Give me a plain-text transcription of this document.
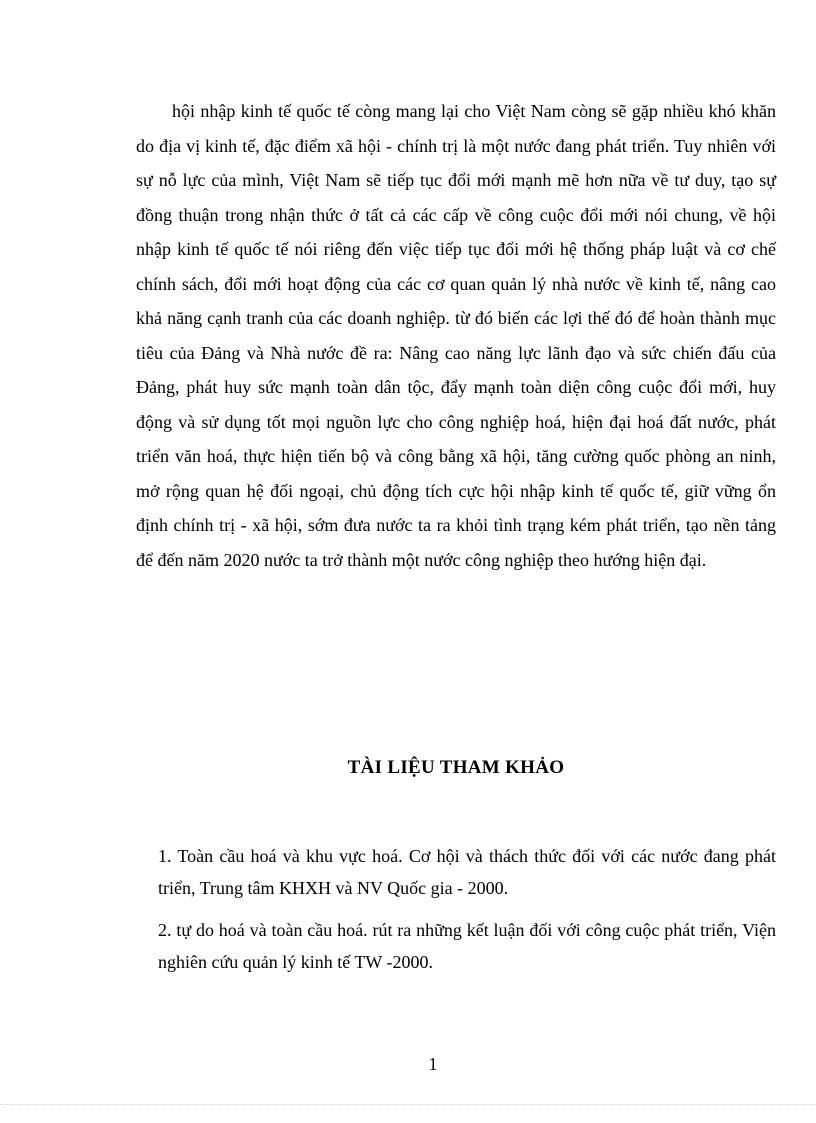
hội nhập kinh tế quốc tế còng mang lại cho Việt Nam còng sẽ gặp nhiều khó khăn do địa vị kinh tế, đặc điểm xã hội - chính trị là một nước đang phát triển. Tuy nhiên với sự nỗ lực của mình, Việt Nam sẽ tiếp tục đổi mới mạnh mẽ hơn nữa về tư duy, tạo sự đồng thuận trong nhận thức ở tất cả các cấp về công cuộc đổi mới nói chung, về hội nhập kinh tế quốc tế nói riêng đến việc tiếp tục đổi mới hệ thống pháp luật và cơ chế chính sách, đổi mới hoạt động của các cơ quan quản lý nhà nước về kinh tế, nâng cao khả năng cạnh tranh của các doanh nghiệp. từ đó biến các lợi thế đó để hoàn thành mục tiêu của Đảng và Nhà nước đề ra: Nâng cao năng lực lãnh đạo và sức chiến đấu của Đảng, phát huy sức mạnh toàn dân tộc, đẩy mạnh toàn diện công cuộc đổi mới, huy động và sử dụng tốt mọi nguồn lực cho công nghiệp hoá, hiện đại hoá đất nước, phát triển văn hoá, thực hiện tiến bộ và công bằng xã hội, tăng cường quốc phòng an ninh, mở rộng quan hệ đối ngoại, chủ động tích cực hội nhập kinh tế quốc tế, giữ vững ổn định chính trị - xã hội, sớm đưa nước ta ra khỏi tình trạng kém phát triển, tạo nền tảng để đến năm 2020 nước ta trở thành một nước công nghiệp theo hướng hiện đại.

TÀI LIỆU THAM KHẢO
1. Toàn cầu hoá và khu vực hoá. Cơ hội và thách thức đối với các nước đang phát triển, Trung tâm KHXH và NV Quốc gia - 2000.
2. tự do hoá và toàn cầu hoá. rút ra những kết luận đối với công cuộc phát triển, Viện nghiên cứu quản lý kinh tế TW -2000.

1
